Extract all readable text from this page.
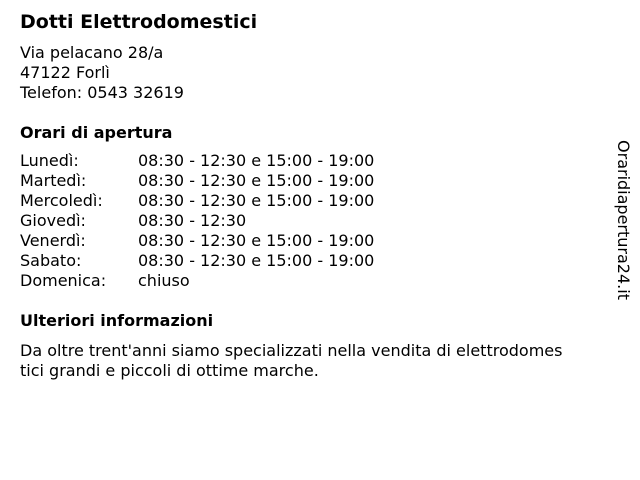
Dotti Elettrodomestici
Via pelacano 28/a
47122 Forlì
Telefon: 0543 32619
Orari di apertura
Lunedì:	08:30 - 12:30 e 15:00 - 19:00
Martedì:	08:30 - 12:30 e 15:00 - 19:00
Mercoledì:	08:30 - 12:30 e 15:00 - 19:00
Giovedì:	08:30 - 12:30
Venerdì:	08:30 - 12:30 e 15:00 - 19:00
Sabato:	08:30 - 12:30 e 15:00 - 19:00
Domenica:	chiuso
Ulteriori informazioni

Da oltre trent'anni siamo specializzati nella vendita di elettrodomestici grandi e piccoli di ottime marche.

Oraridiapertura24.it
